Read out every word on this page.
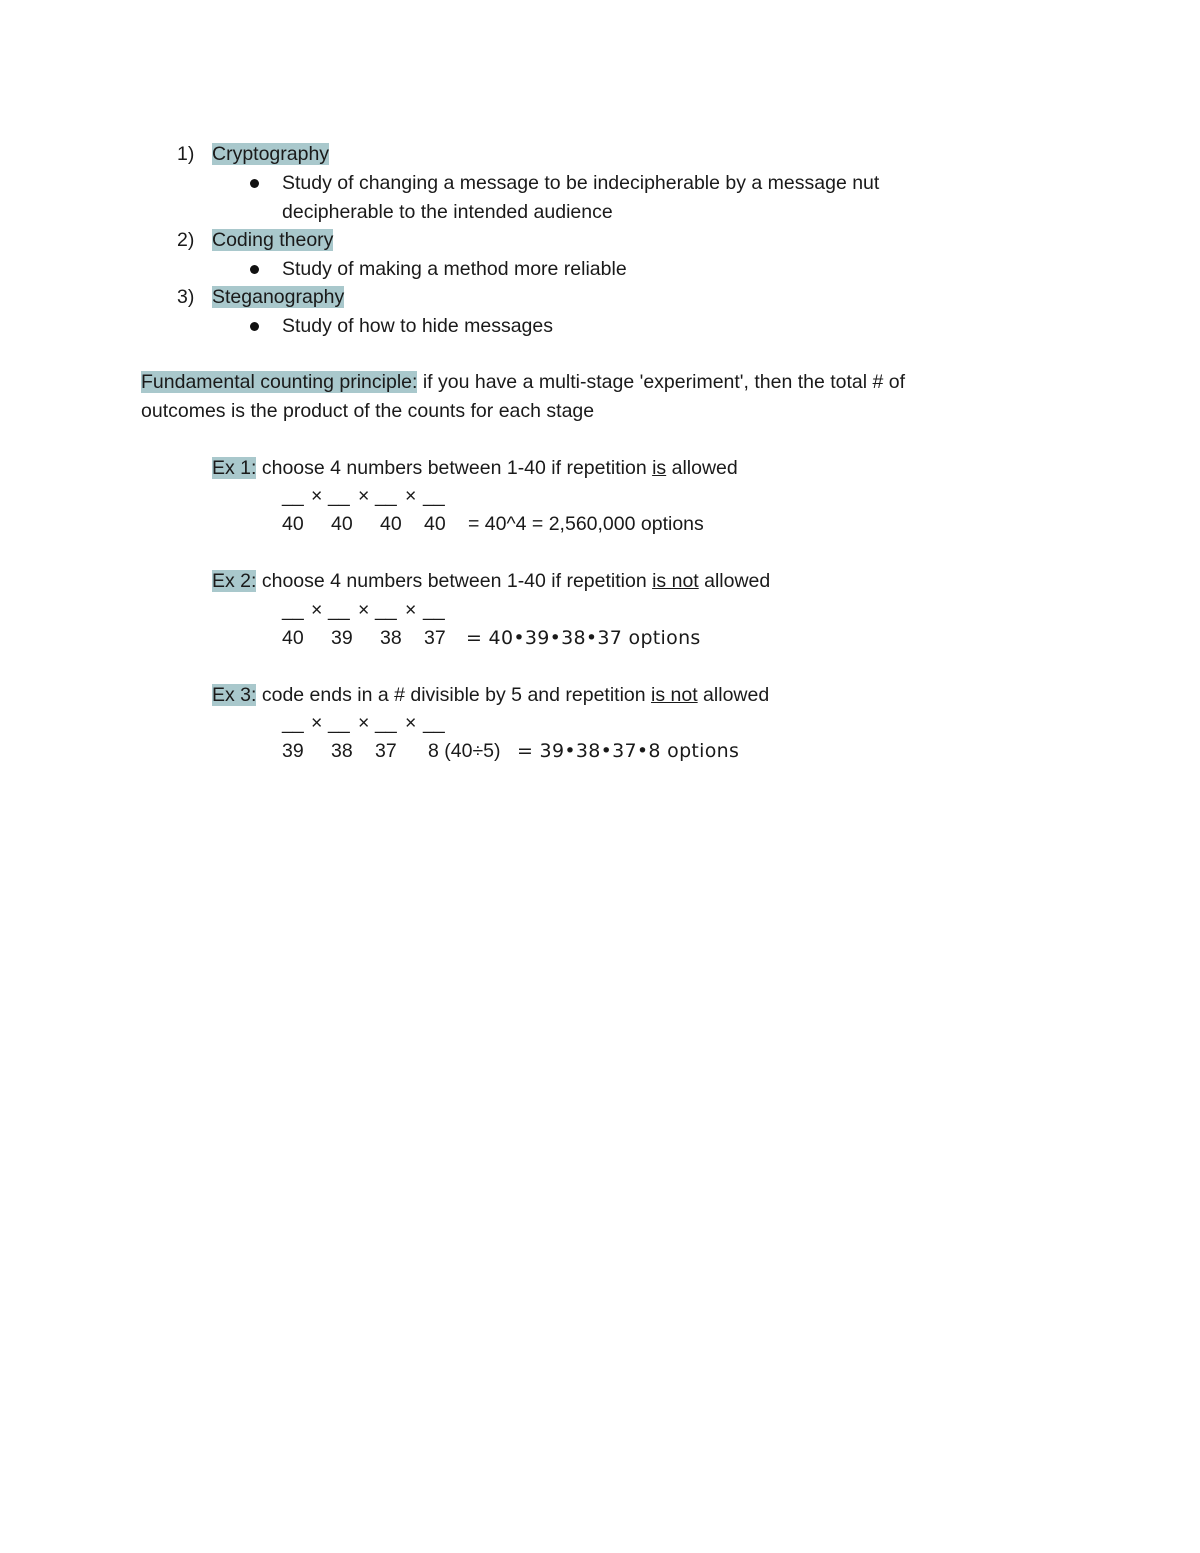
1) Cryptography
Study of changing a message to be indecipherable by a message nut
decipherable to the intended audience
2) Coding theory
Study of making a method more reliable
3) Steganography
Study of how to hide messages
Fundamental counting principle: if you have a multi-stage 'experiment', then the total # of
outcomes is the product of the counts for each stage
Ex 1: choose 4 numbers between 1-40 if repetition is allowed
__ × __ × __ × __
40 40 40 40 = 40^4 = 2,560,000 options
Ex 2: choose 4 numbers between 1-40 if repetition is not allowed
__ × __ × __ × __
40 39 38 37 = 40•39•38•37 options
Ex 3: code ends in a # divisible by 5 and repetition is not allowed
__ × __ × __ × __
39 38 37 8 (40÷5) = 39•38•37•8 options
